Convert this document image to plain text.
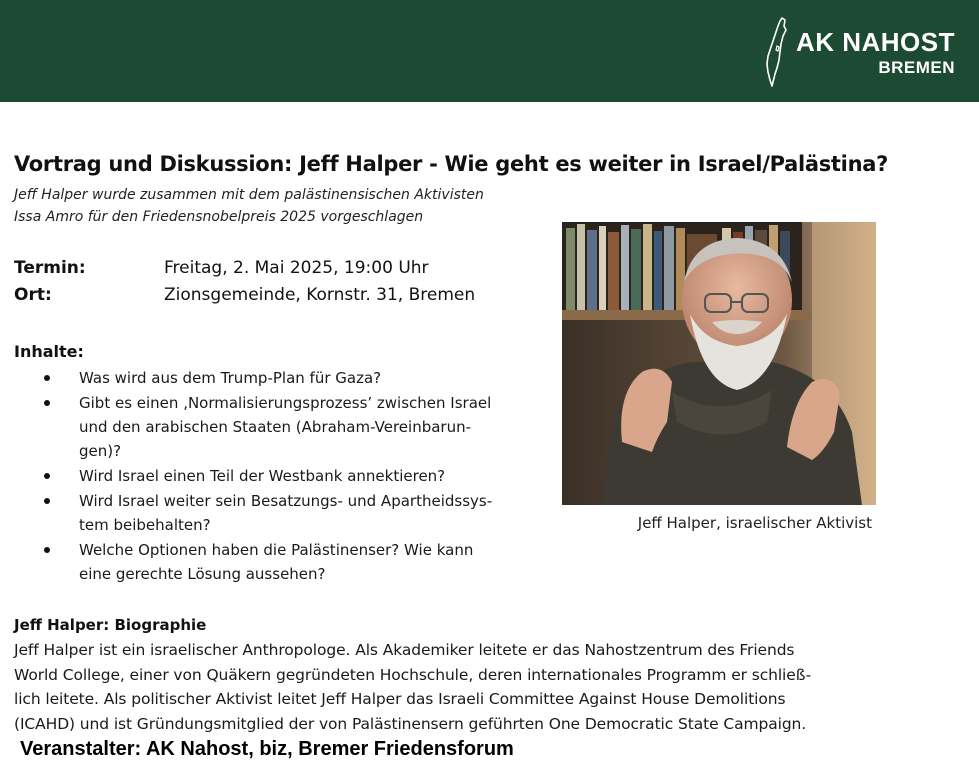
AK NAHOST
BREMEN
Vortrag und Diskussion: Jeff Halper - Wie geht es weiter in Israel/Palästina?
Jeff Halper wurde zusammen mit dem palästinensischen Aktivisten
Issa Amro für den Friedensnobelpreis 2025 vorgeschlagen
Termin:	Freitag, 2. Mai 2025, 19:00 Uhr
Ort:	Zionsgemeinde, Kornstr. 31, Bremen
Inhalte:
Was wird aus dem Trump-Plan für Gaza?
Gibt es einen ‚Normalisierungsprozess’ zwischen Israel
und den arabischen Staaten (Abraham-Vereinbarun-
gen)?
Wird Israel einen Teil der Westbank annektieren?
Wird Israel weiter sein Besatzungs- und Apartheidssys-
tem beibehalten?
Welche Optionen haben die Palästinenser? Wie kann
eine gerechte Lösung aussehen?
Jeff Halper, israelischer Aktivist
Jeff Halper: Biographie
Jeff Halper ist ein israelischer Anthropologe. Als Akademiker leitete er das Nahostzentrum des Friends
World College, einer von Quäkern gegründeten Hochschule, deren internationales Programm er schließ-
lich leitete. Als politischer Aktivist leitet Jeff Halper das Israeli Committee Against House Demolitions
(ICAHD) und ist Gründungsmitglied der von Palästinensern geführten One Democratic State Campaign.
Veranstalter: AK Nahost, biz, Bremer Friedensforum
